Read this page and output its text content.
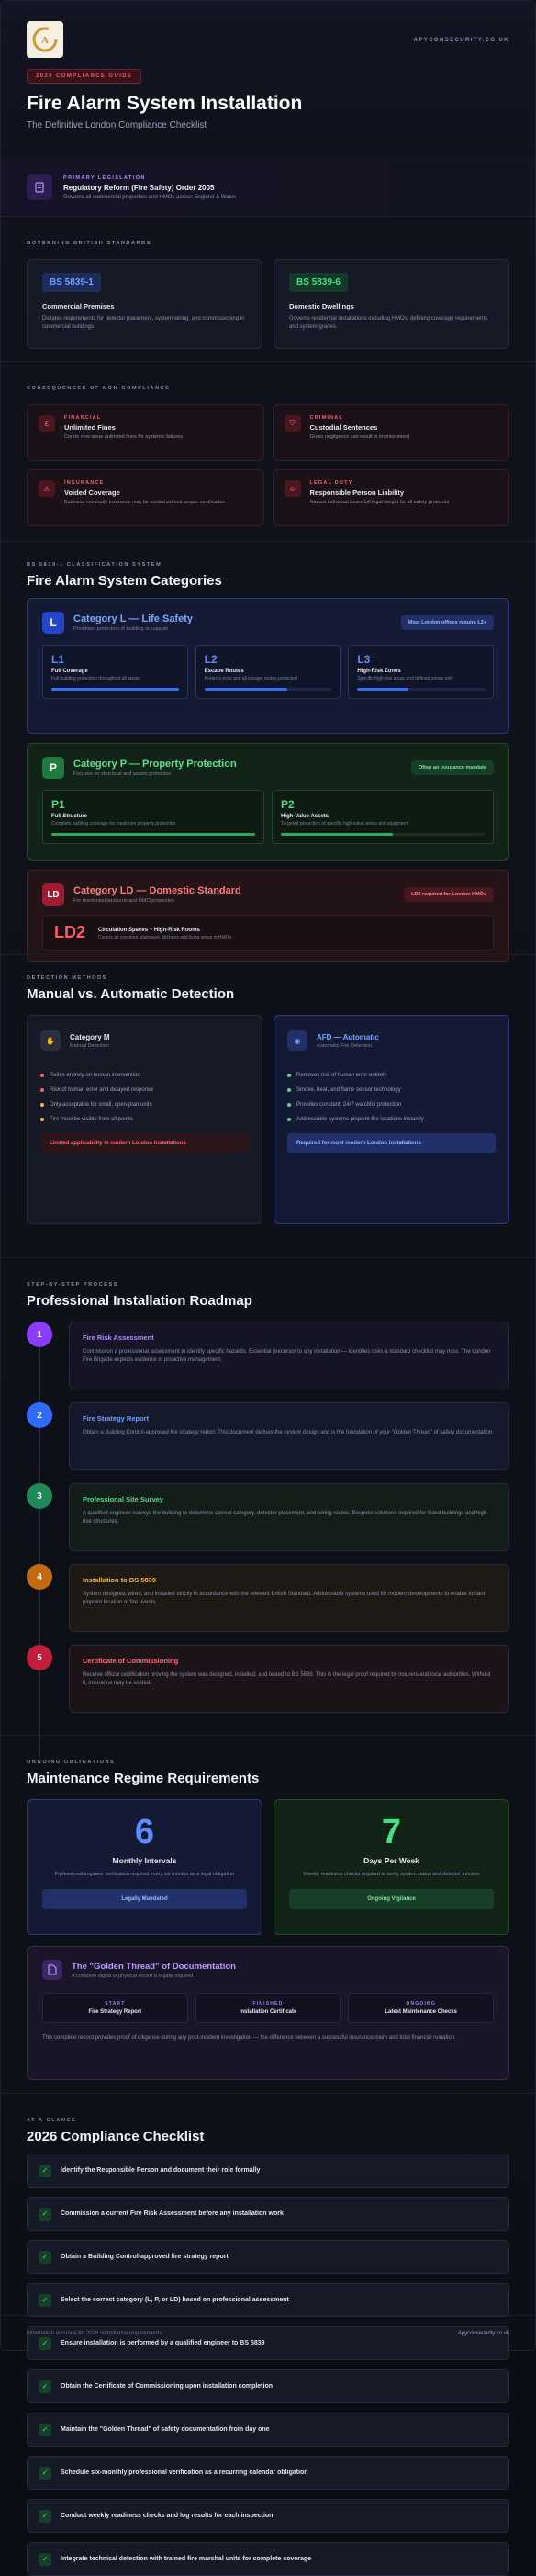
A	APYCONSECURITY.CO.UK
2026 COMPLIANCE GUIDE
Fire Alarm System Installation
The Definitive London Compliance Checklist
PRIMARY LEGISLATION
Regulatory Reform (Fire Safety) Order 2005
Governs all commercial properties and HMOs across England & Wales
GOVERNING BRITISH STANDARDS
BS 5839-1
Commercial Premises
Dictates requirements for detector placement, system wiring, and commissioning in commercial buildings.
BS 5839-6
Domestic Dwellings
Governs residential installations including HMOs, defining coverage requirements and system grades.
CONSEQUENCES OF NON-COMPLIANCE
£
FINANCIAL
Unlimited Fines
Courts now issue unlimited fines for systemic failures
⛉
CRIMINAL
Custodial Sentences
Gross negligence can result in imprisonment
⚠
INSURANCE
Voided Coverage
Business continuity insurance may be voided without proper certification
☺
LEGAL DUTY
Responsible Person Liability
Named individual bears full legal weight for all safety protocols
BS 5839-1 CLASSIFICATION SYSTEM
Fire Alarm System Categories
L	Category L — Life Safety
Prioritises protection of building occupants
Most London offices require L2+
L1
Full Coverage
Full building protection throughout all areas
L2
Escape Routes
Protects exits and all escape routes protected
L3
High-Risk Zones
Specific high-risk areas and defined zones only
P	Category P — Property Protection
Focuses on structural and assets protection
Often an insurance mandate
P1
Full Structure
Complete building coverage for maximum property protection
P2
High-Value Assets
Targeted protection of specific high-value areas and equipment
LD	Category LD — Domestic Standard
For residential landlords and HMO properties
LD2 required for London HMOs
LD2 Circulation Spaces + High-Risk Rooms
Covers all corridors, stairways, kitchens and living areas in HMOs
DETECTION METHODS
Manual vs. Automatic Detection
✋	Category M
Manual Detection
Relies entirely on human intervention
Risk of human error and delayed response
Only acceptable for small, open-plan units
Fire must be visible from all points
Limited applicability in modern London installations
◉	AFD — Automatic
Automatic Fire Detection
Removes risk of human error entirely
Smoke, heat, and flame sensor technology
Provides constant, 24/7 watchful protection
Addressable systems pinpoint fire locations instantly
Required for most modern London installations
STEP-BY-STEP PROCESS
Professional Installation Roadmap
1	Fire Risk Assessment
Commission a professional assessment to identify specific hazards. Essential precursor to any installation — identifies risks a standard checklist may miss. The London Fire Brigade expects evidence of proactive management.
2	Fire Strategy Report
Obtain a Building Control-approved fire strategy report. This document defines the system design and is the foundation of your "Golden Thread" of safety documentation.
3	Professional Site Survey
A qualified engineer surveys the building to determine correct category, detector placement, and wiring routes. Bespoke solutions required for listed buildings and high-rise structures.
4	Installation to BS 5839
System designed, wired, and installed strictly in accordance with the relevant British Standard. Addressable systems used for modern developments to enable instant pinpoint location of fire events.
5	Certificate of Commissioning
Receive official certification proving the system was designed, installed, and tested to BS 5839. This is the legal proof required by insurers and local authorities. Without it, insurance may be voided.
ONGOING OBLIGATIONS
Maintenance Regime Requirements
6
Monthly Intervals
Professional engineer verification required every six months as a legal obligation
Legally Mandated
7
Days Per Week
Weekly readiness checks required to verify system status and detector function
Ongoing Vigilance
The "Golden Thread" of Documentation
A complete digital or physical record is legally required
START
Fire Strategy Report
FINISHED
Installation Certificate
ONGOING
Latest Maintenance Checks
This complete record provides proof of diligence during any post-incident investigation — the difference between a successful insurance claim and total financial ruination.
AT A GLANCE
2026 Compliance Checklist
✓	Identify the Responsible Person and document their role formally
✓	Commission a current Fire Risk Assessment before any installation work
✓	Obtain a Building Control-approved fire strategy report
✓	Select the correct category (L, P, or LD) based on professional assessment
✓	Ensure installation is performed by a qualified engineer to BS 5839
✓	Obtain the Certificate of Commissioning upon installation completion
✓	Maintain the "Golden Thread" of safety documentation from day one
✓	Schedule six-monthly professional verification as a recurring calendar obligation
✓	Conduct weekly readiness checks and log results for each inspection
✓	Integrate technical detection with trained fire marshal units for complete coverage
Information accurate for 2026 compliance requirements	Apyconsecurity.co.uk
